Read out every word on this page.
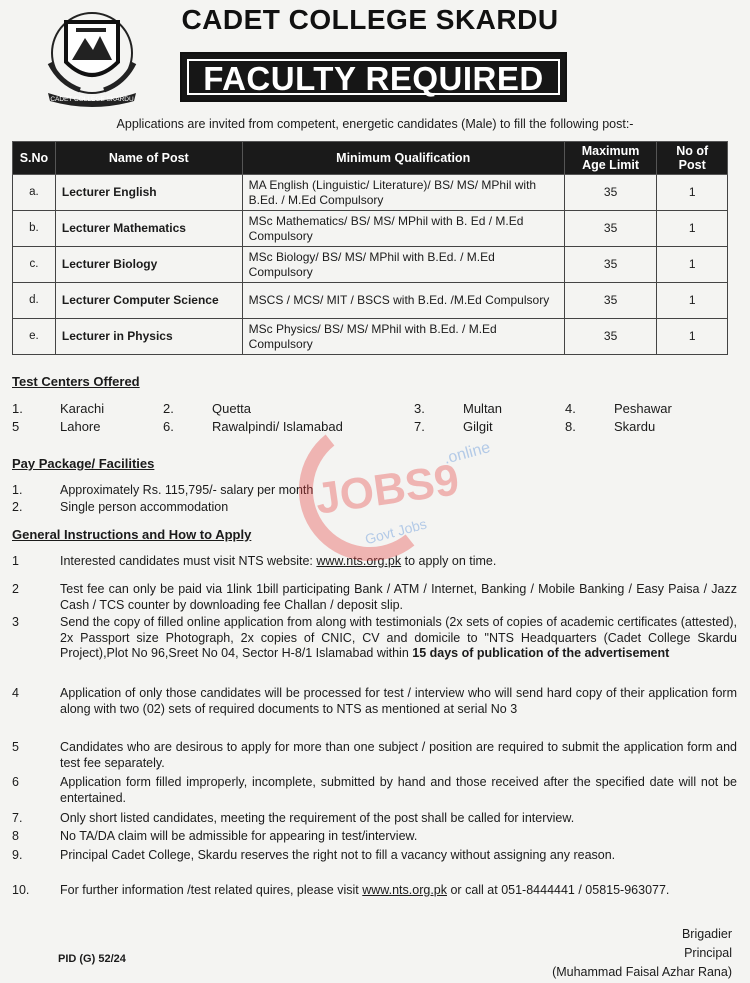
CADET COLLEGE SKARDU
CADET COLLEGE SKARDU
FACULTY REQUIRED
Applications are invited from competent, energetic candidates (Male) to fill the following post:-
S.No	Name of Post	Minimum Qualification	Maximum Age Limit	No of Post
a.	Lecturer English	MA English (Linguistic/ Literature)/ BS/ MS/ MPhil with B.Ed. / M.Ed Compulsory	35	1
b.	Lecturer Mathematics	MSc Mathematics/ BS/ MS/ MPhil with B. Ed / M.Ed Compulsory	35	1
c.	Lecturer Biology	MSc Biology/ BS/ MS/ MPhil with B.Ed. / M.Ed Compulsory	35	1
d.	Lecturer Computer Science	MSCS / MCS/ MIT / BSCS with B.Ed. /M.Ed Compulsory	35	1
e.	Lecturer in Physics	MSc Physics/ BS/ MS/ MPhil with B.Ed. / M.Ed Compulsory	35	1
Test Centers Offered
1.	Karachi	2.	Quetta	3.	Multan	4.	Peshawar
5	Lahore	6.	Rawalpindi/ Islamabad	7.	Gilgit	8.	Skardu
Pay Package/ Facilities
1.	Approximately Rs. 115,795/- salary per month
2.	Single person accommodation
General Instructions and How to Apply
1	Interested candidates must visit NTS website: www.nts.org.pk to apply on time.
2	Test fee can only be paid via 1link 1bill participating Bank / ATM / Internet, Banking / Mobile Banking / Easy Paisa / Jazz Cash / TCS counter by downloading fee Challan / deposit slip.
3	Send the copy of filled online application from along with testimonials (2x sets of copies of academic certificates (attested), 2x Passport size Photograph, 2x copies of CNIC, CV and domicile to "NTS Headquarters (Cadet College Skardu Project),Plot No 96,Sreet No 04, Sector H-8/1 Islamabad within 15 days of publication of the advertisement
4	Application of only those candidates will be processed for test / interview who will send hard copy of their application form along with two (02) sets of required documents to NTS as mentioned at serial No 3
5	Candidates who are desirous to apply for more than one subject / position are required to submit the application form and test fee separately.
6	Application form filled improperly, incomplete, submitted by hand and those received after the specified date will not be entertained.
7.	Only short listed candidates, meeting the requirement of the post shall be called for interview.
8	No TA/DA claim will be admissible for appearing in test/interview.
9.	Principal Cadet College, Skardu reserves the right not to fill a vacancy without assigning any reason.
10. For further information /test related quires, please visit www.nts.org.pk or call at 051-8444441 / 05815-963077.
PID (G) 52/24
Brigadier
Principal
(Muhammad Faisal Azhar Rana)
JOBS9
.online
Govt Jobs
